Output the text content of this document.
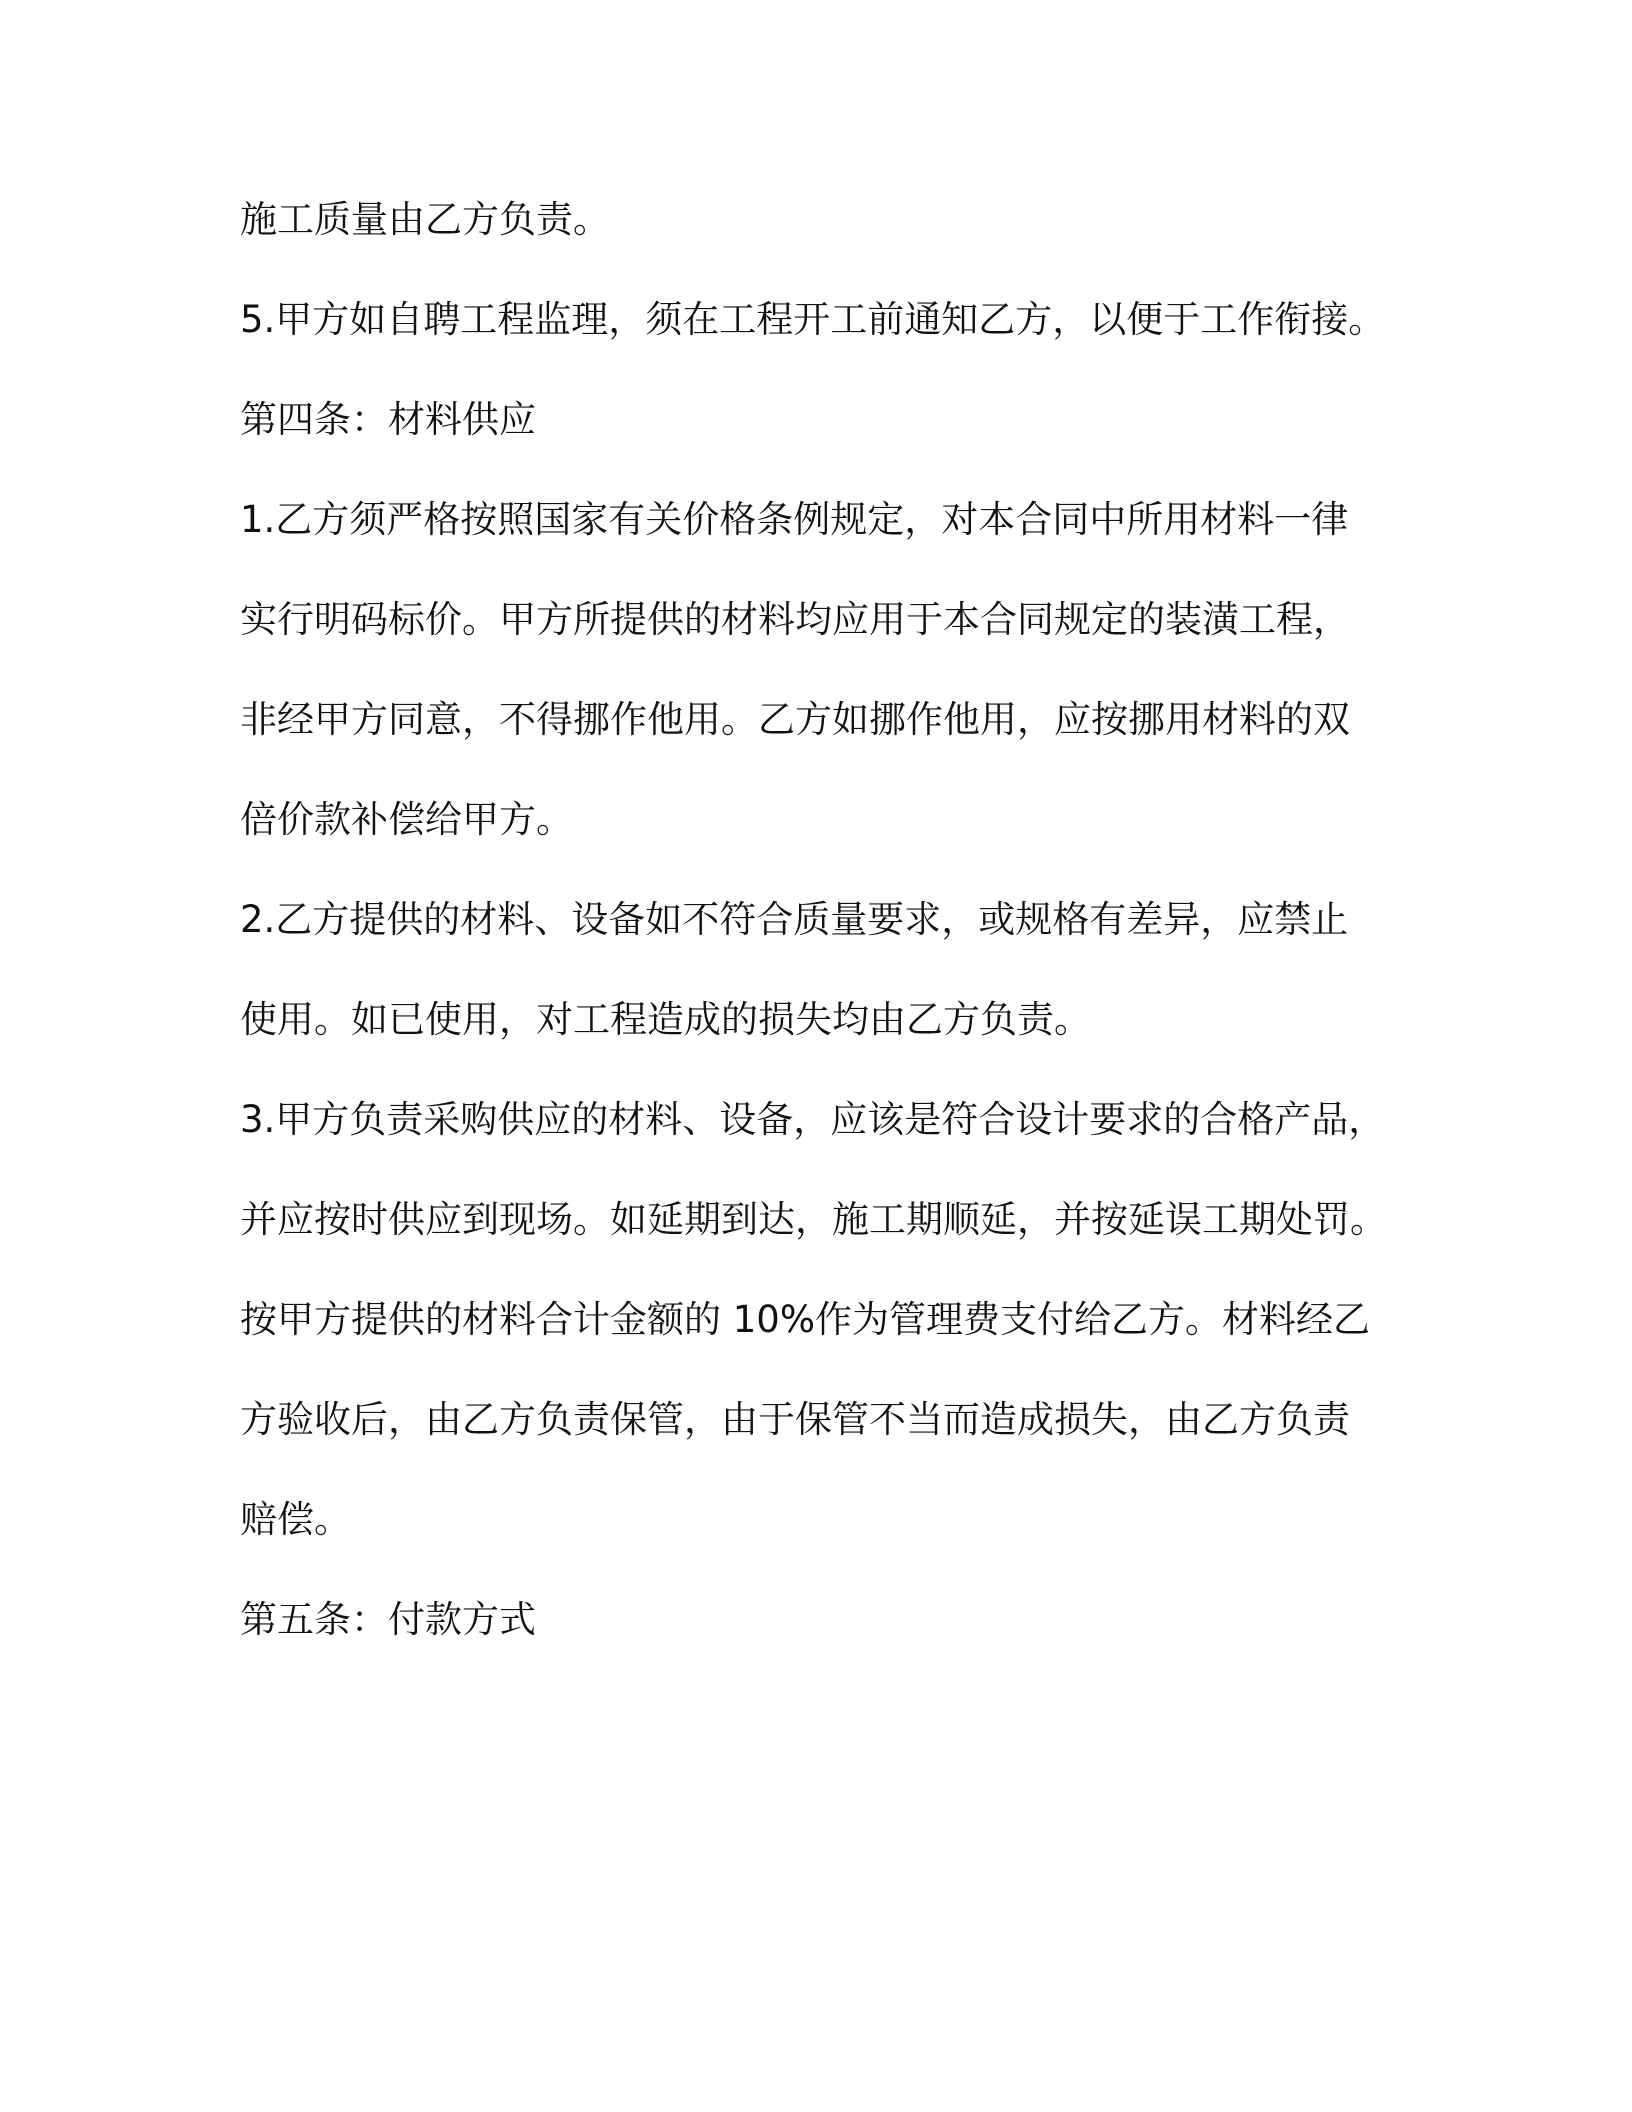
施工质量由乙方负责。
5.甲方如自聘工程监理，须在工程开工前通知乙方，以便于工作衔接。
第四条：材料供应
1.乙方须严格按照国家有关价格条例规定，对本合同中所用材料一律
实行明码标价。甲方所提供的材料均应用于本合同规定的装潢工程，
非经甲方同意，不得挪作他用。乙方如挪作他用，应按挪用材料的双
倍价款补偿给甲方。
2.乙方提供的材料、设备如不符合质量要求，或规格有差异，应禁止
使用。如已使用，对工程造成的损失均由乙方负责。
3.甲方负责采购供应的材料、设备，应该是符合设计要求的合格产品，
并应按时供应到现场。如延期到达，施工期顺延，并按延误工期处罚。
按甲方提供的材料合计金额的 10%作为管理费支付给乙方。材料经乙
方验收后，由乙方负责保管，由于保管不当而造成损失，由乙方负责
赔偿。
第五条：付款方式
